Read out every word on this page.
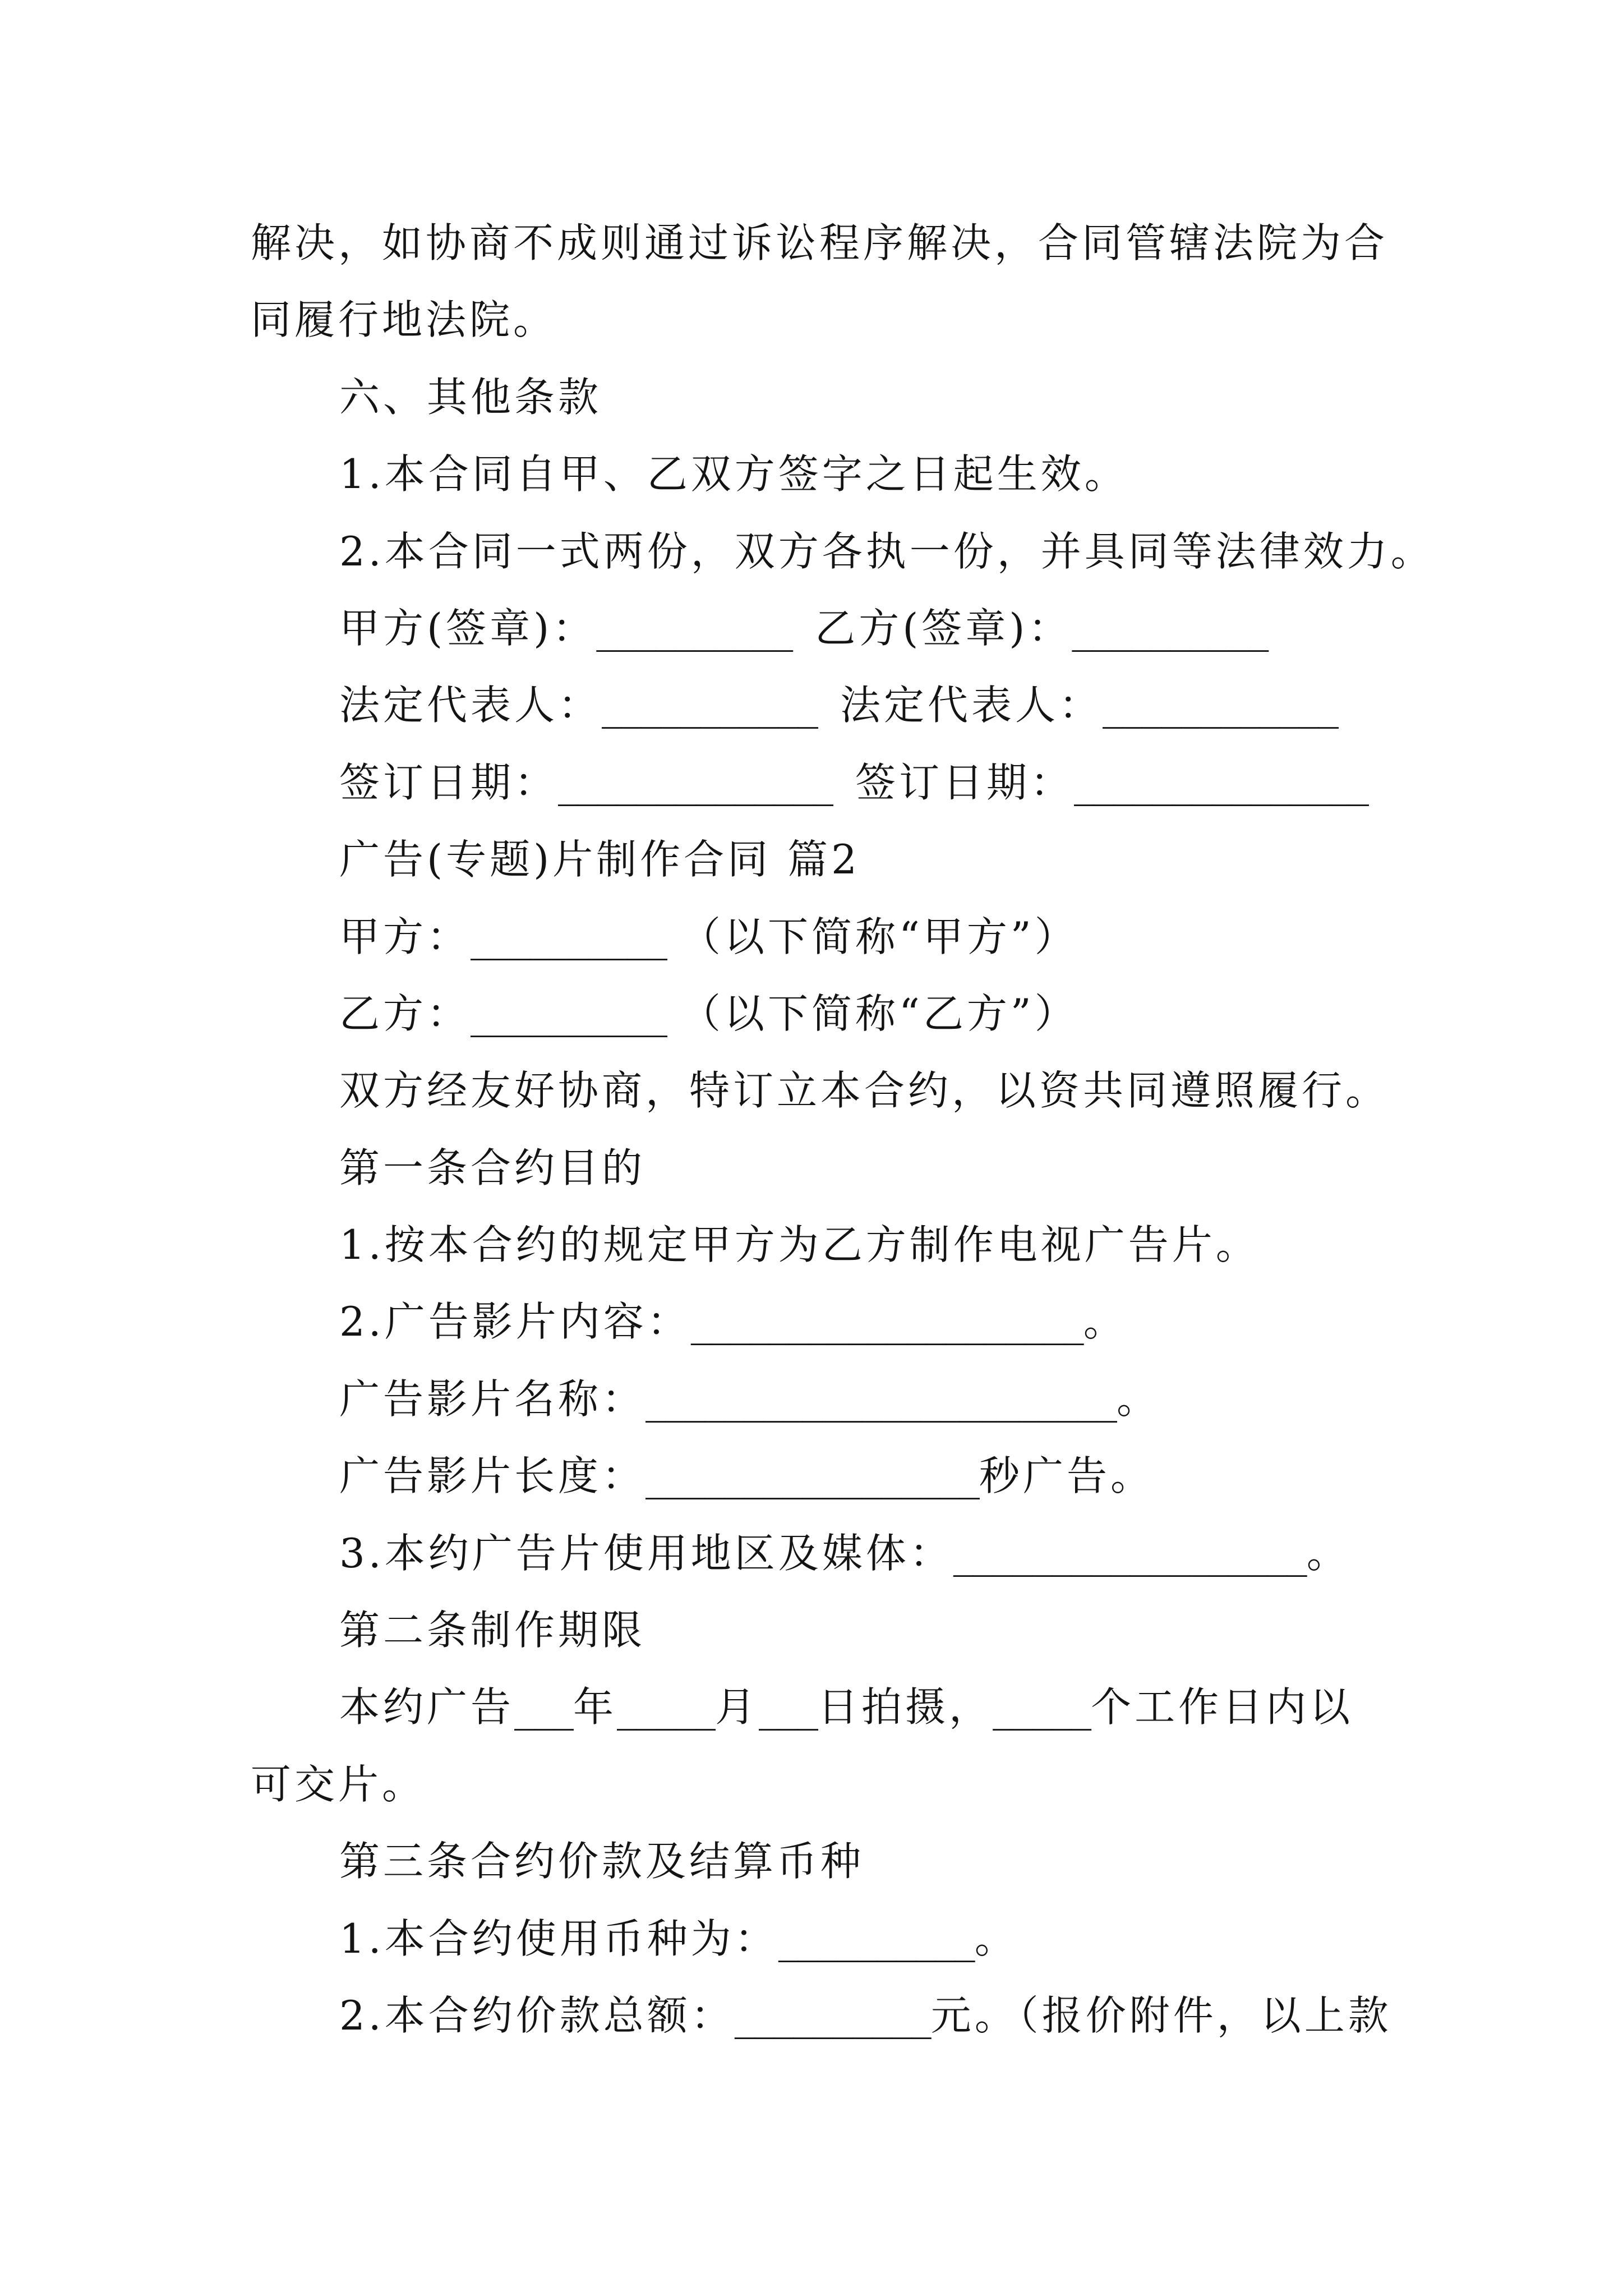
解决，如协商不成则通过诉讼程序解决，合同管辖法院为合
同履行地法院。
六、其他条款
1.本合同自甲、乙双方签字之日起生效。
2.本合同一式两份，双方各执一份，并具同等法律效力。
甲方(签章)：__________ 乙方(签章)：__________
法定代表人：___________ 法定代表人：____________
签订日期：______________ 签订日期：_______________
广告(专题)片制作合同 篇2
甲方：__________ （以下简称“甲方”）
乙方：__________ （以下简称“乙方”）
双方经友好协商，特订立本合约，以资共同遵照履行。
第一条合约目的
1.按本合约的规定甲方为乙方制作电视广告片。
2.广告影片内容：____________________。
广告影片名称：________________________。
广告影片长度：_________________秒广告。
3.本约广告片使用地区及媒体：__________________。
第二条制作期限
本约广告___年_____月___日拍摄，_____个工作日内以
可交片。
第三条合约价款及结算币种
1.本合约使用币种为：__________。
2.本合约价款总额：__________元。（报价附件，以上款
